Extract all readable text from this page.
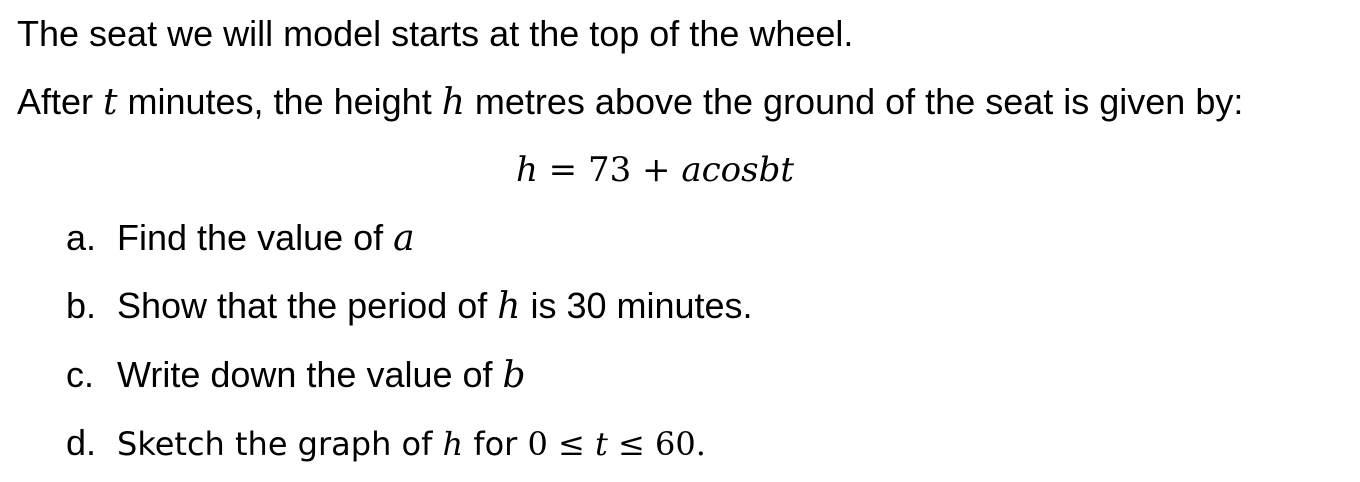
The seat we will model starts at the top of the wheel.
After t minutes, the height h metres above the ground of the seat is given by:
h = 73 + acosbt
a. Find the value of a
b. Show that the period of h is 30 minutes.
c. Write down the value of b
d. Sketch the graph of h for 0 ≤ t ≤ 60.
